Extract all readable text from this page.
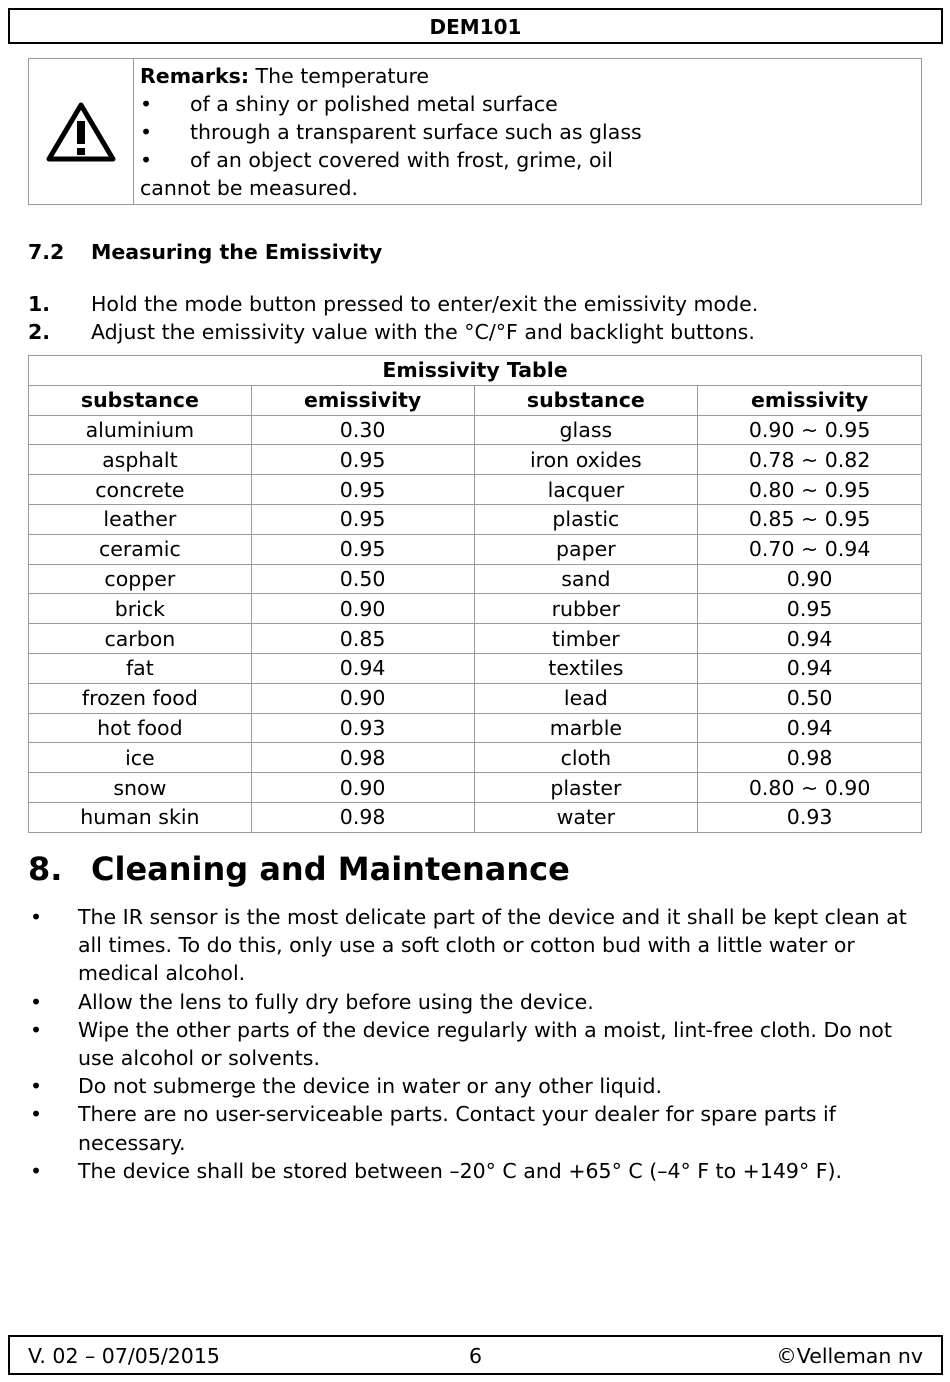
DEM101
Remarks: The temperature
•	of a shiny or polished metal surface
•	through a transparent surface such as glass
•	of an object covered with frost, grime, oil
cannot be measured.
7.2	Measuring the Emissivity
1.	Hold the mode button pressed to enter/exit the emissivity mode.
2.	Adjust the emissivity value with the °C/°F and backlight buttons.
Emissivity Table			
substance	emissivity	substance	emissivity
aluminium	0.30	glass	0.90 ~ 0.95
asphalt	0.95	iron oxides	0.78 ~ 0.82
concrete	0.95	lacquer	0.80 ~ 0.95
leather	0.95	plastic	0.85 ~ 0.95
ceramic	0.95	paper	0.70 ~ 0.94
copper	0.50	sand	0.90
brick	0.90	rubber	0.95
carbon	0.85	timber	0.94
fat	0.94	textiles	0.94
frozen food	0.90	lead	0.50
hot food	0.93	marble	0.94
ice	0.98	cloth	0.98
snow	0.90	plaster	0.80 ~ 0.90
human skin	0.98	water	0.93
8. Cleaning and Maintenance
•	The IR sensor is the most delicate part of the device and it shall be kept clean at all times. To do this, only use a soft cloth or cotton bud with a little water or medical alcohol.
•	Allow the lens to fully dry before using the device.
•	Wipe the other parts of the device regularly with a moist, lint-free cloth. Do not use alcohol or solvents.
•	Do not submerge the device in water or any other liquid.
•	There are no user-serviceable parts. Contact your dealer for spare parts if necessary.
•	The device shall be stored between –20° C and +65° C (–4° F to +149° F).
V. 02 – 07/05/2015	6	©Velleman nv
